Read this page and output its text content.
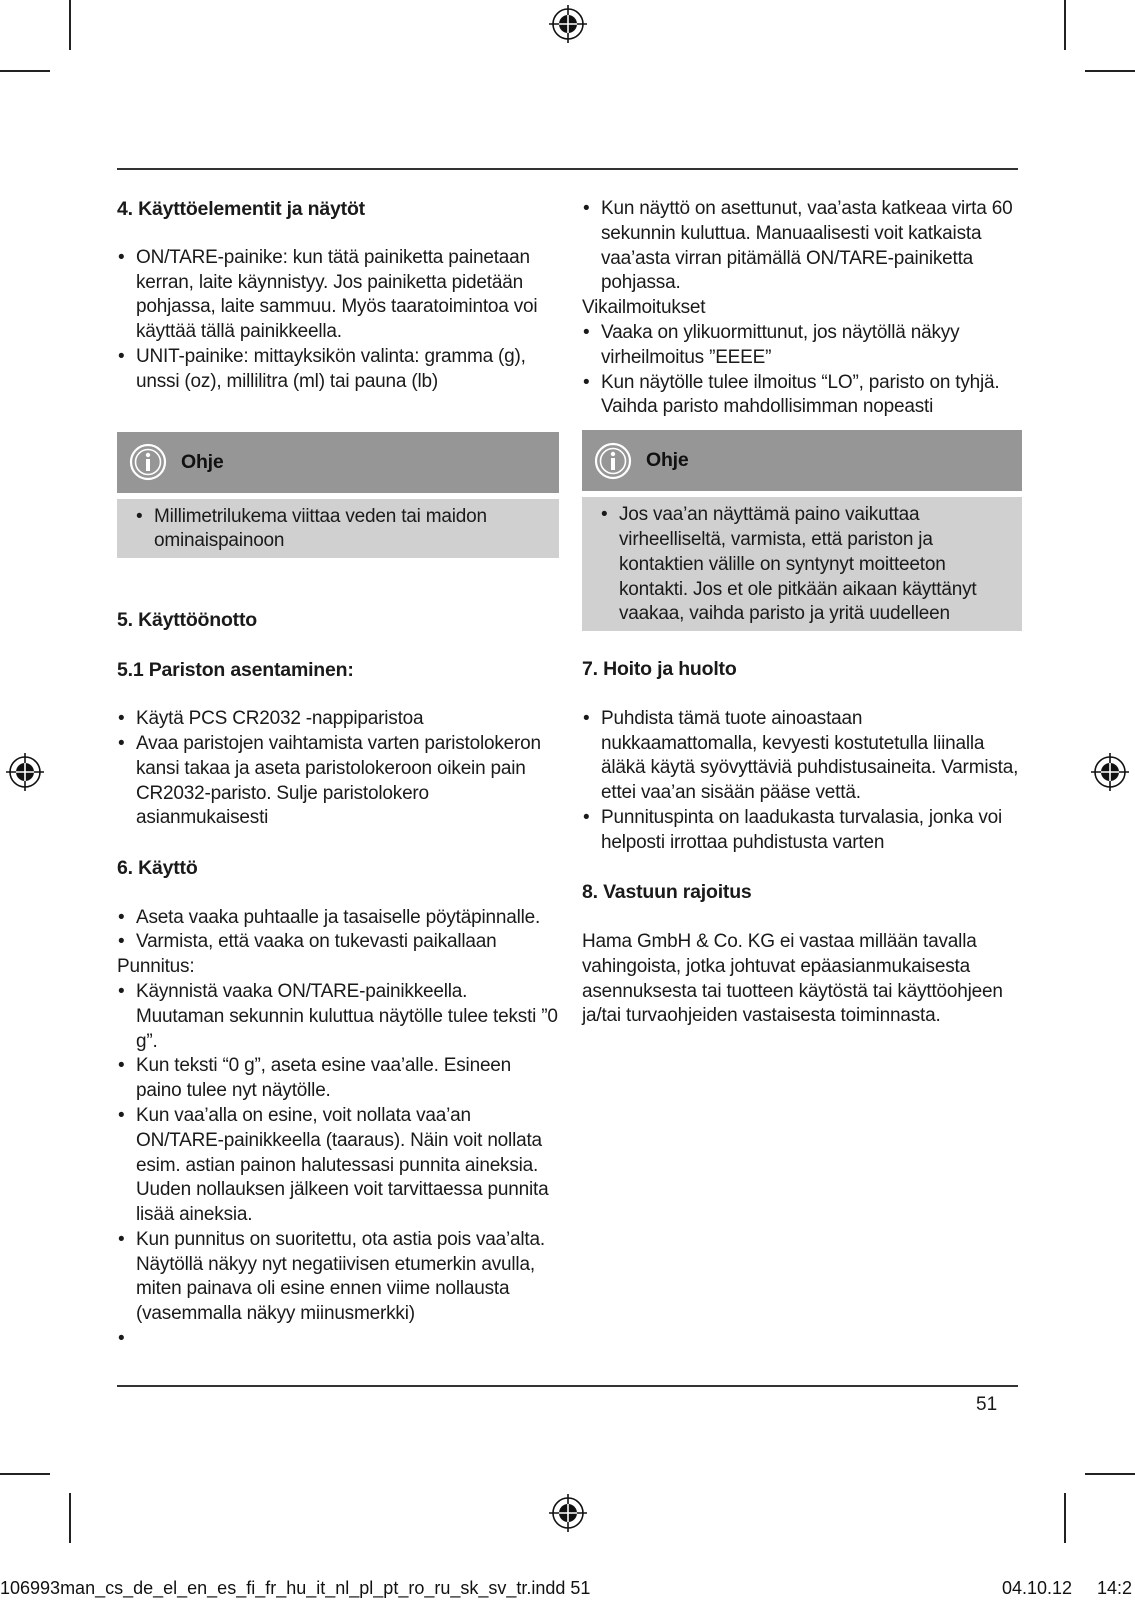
4. Käyttöelementit ja näytöt
• ON/TARE-painike: kun tätä painiketta painetaan kerran, laite käynnistyy. Jos painiketta pidetään pohjassa, laite sammuu. Myös taaratoimintoa voi käyttää tällä painikkeella.
• UNIT-painike: mittayksikön valinta: gramma (g), unssi (oz), millilitra (ml) tai pauna (lb)
Ohje
• Millimetrilukema viittaa veden tai maidon ominaispainoon
5. Käyttöönotto
5.1 Pariston asentaminen:
• Käytä PCS CR2032 -nappiparistoa
• Avaa paristojen vaihtamista varten paristolokeron kansi takaa ja aseta paristolokeroon oikein pain CR2032-paristo. Sulje paristolokero asianmukaisesti
6. Käyttö
• Aseta vaaka puhtaalle ja tasaiselle pöytäpinnalle.
• Varmista, että vaaka on tukevasti paikallaan

Punnitus:

• Käynnistä vaaka ON/TARE-painikkeella. Muutaman sekunnin kuluttua näytölle tulee teksti ”0 g”.
• Kun teksti “0 g”, aseta esine vaa’alle. Esineen paino tulee nyt näytölle.
• Kun vaa’alla on esine, voit nollata vaa’an ON/TARE-painikkeella (taaraus). Näin voit nollata esim. astian painon halutessasi punnita aineksia. Uuden nollauksen jälkeen voit tarvittaessa punnita lisää aineksia.
• Kun punnitus on suoritettu, ota astia pois vaa’alta. Näytöllä näkyy nyt negatiivisen etumerkin avulla, miten painava oli esine ennen viime nollausta (vasemmalla näkyy miinusmerkki)
•
• Kun näyttö on asettunut, vaa’asta katkeaa virta 60 sekunnin kuluttua. Manuaalisesti voit katkaista vaa’asta virran pitämällä ON/TARE-painiketta pohjassa.

Vikailmoitukset

• Vaaka on ylikuormittunut, jos näytöllä näkyy virheilmoitus ”EEEE”
• Kun näytölle tulee ilmoitus “LO”, paristo on tyhjä. Vaihda paristo mahdollisimman nopeasti
Ohje
• Jos vaa’an näyttämä paino vaikuttaa virheelliseltä, varmista, että pariston ja kontaktien välille on syntynyt moitteeton kontakti. Jos et ole pitkään aikaan käyttänyt vaakaa, vaihda paristo ja yritä uudelleen
7. Hoito ja huolto
• Puhdista tämä tuote ainoastaan nukkaamattomalla, kevyesti kostutetulla liinalla äläkä käytä syövyttäviä puhdistusaineita. Varmista, ettei vaa’an sisään pääse vettä.
• Punnituspinta on laadukasta turvalasia, jonka voi helposti irrottaa puhdistusta varten
8. Vastuun rajoitus

Hama GmbH & Co. KG ei vastaa millään tavalla vahingoista, jotka johtuvat epäasianmukaisesta asennuksesta tai tuotteen käytöstä tai käyttöohjeen ja/tai turvaohjeiden vastaisesta toiminnasta.

51
106993man_cs_de_el_en_es_fi_fr_hu_it_nl_pl_pt_ro_ru_sk_sv_tr.indd 51	04.10.12 14:2
